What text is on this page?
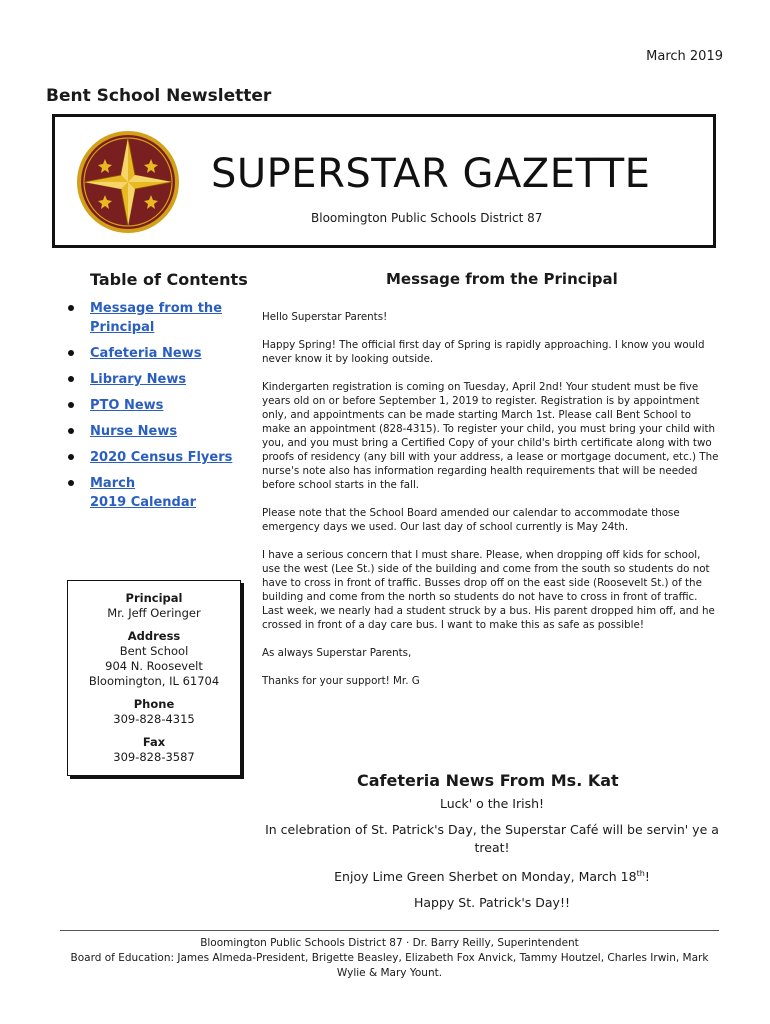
March 2019
Bent School Newsletter
SUPERSTAR GAZETTE
Bloomington Public Schools District 87
Table of Contents
Message from the
Principal
Cafeteria News
Library News
PTO News
Nurse News
2020 Census Flyers
March
2019 Calendar
Principal
Mr. Jeff Oeringer
Address
Bent School
904 N. Roosevelt
Bloomington, IL 61704
Phone
309-828-4315
Fax
309-828-3587
Message from the Principal

Hello Superstar Parents!

Happy Spring! The official first day of Spring is rapidly approaching. I know you would never know it by looking outside.

Kindergarten registration is coming on Tuesday, April 2nd! Your student must be five years old on or before September 1, 2019 to register. Registration is by appointment only, and appointments can be made starting March 1st. Please call Bent School to make an appointment (828-4315). To register your child, you must bring your child with you, and you must bring a Certified Copy of your child's birth certificate along with two proofs of residency (any bill with your address, a lease or mortgage document, etc.) The nurse's note also has information regarding health requirements that will be needed before school starts in the fall.

Please note that the School Board amended our calendar to accommodate those emergency days we used. Our last day of school currently is May 24th.

I have a serious concern that I must share. Please, when dropping off kids for school, use the west (Lee St.) side of the building and come from the south so students do not have to cross in front of traffic. Busses drop off on the east side (Roosevelt St.) of the building and come from the north so students do not have to cross in front of traffic. Last week, we nearly had a student struck by a bus. His parent dropped him off, and he crossed in front of a day care bus. I want to make this as safe as possible!

As always Superstar Parents,

Thanks for your support! Mr. G

Cafeteria News From Ms. Kat

Luck' o the Irish!

In celebration of St. Patrick's Day, the Superstar Café will be servin' ye a treat!

Enjoy Lime Green Sherbet on Monday, March 18th!

Happy St. Patrick's Day!!

Bloomington Public Schools District 87 · Dr. Barry Reilly, Superintendent
Board of Education: James Almeda-President, Brigette Beasley, Elizabeth Fox Anvick, Tammy Houtzel, Charles Irwin, Mark Wylie & Mary Yount.
